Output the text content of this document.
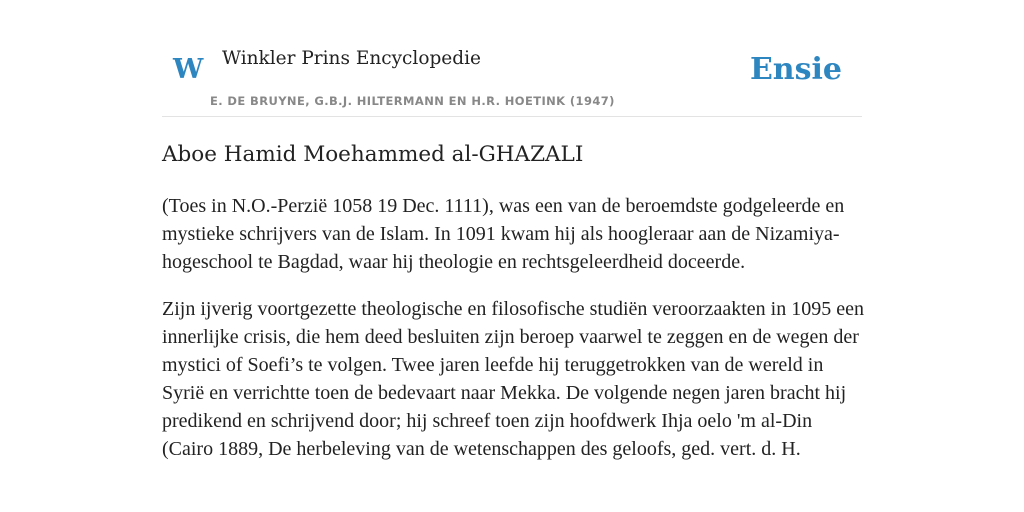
W Winkler Prins Encyclopedie
E. DE BRUYNE, G.B.J. HILTERMANN EN H.R. HOETINK (1947)
Ensie
Aboe Hamid Moehammed al-GHAZALI

(Toes in N.O.-Perzië 1058 19 Dec. 1111), was een van de beroemdste godgeleerde en mystieke schrijvers van de Islam. In 1091 kwam hij als hoogleraar aan de Nizamiya-hogeschool te Bagdad, waar hij theologie en rechtsgeleerdheid doceerde.

Zijn ijverig voortgezette theologische en filosofische studiën veroorzaakten in 1095 een innerlijke crisis, die hem deed besluiten zijn beroep vaarwel te zeggen en de wegen der mystici of Soefi’s te volgen. Twee jaren leefde hij teruggetrokken van de wereld in Syrië en verrichtte toen de bedevaart naar Mekka. De volgende negen jaren bracht hij predikend en schrijvend door; hij schreef toen zijn hoofdwerk Ihja oelo 'm al-Din (Cairo 1889, De herbeleving van de wetenschappen des geloofs, ged. vert. d. H.
